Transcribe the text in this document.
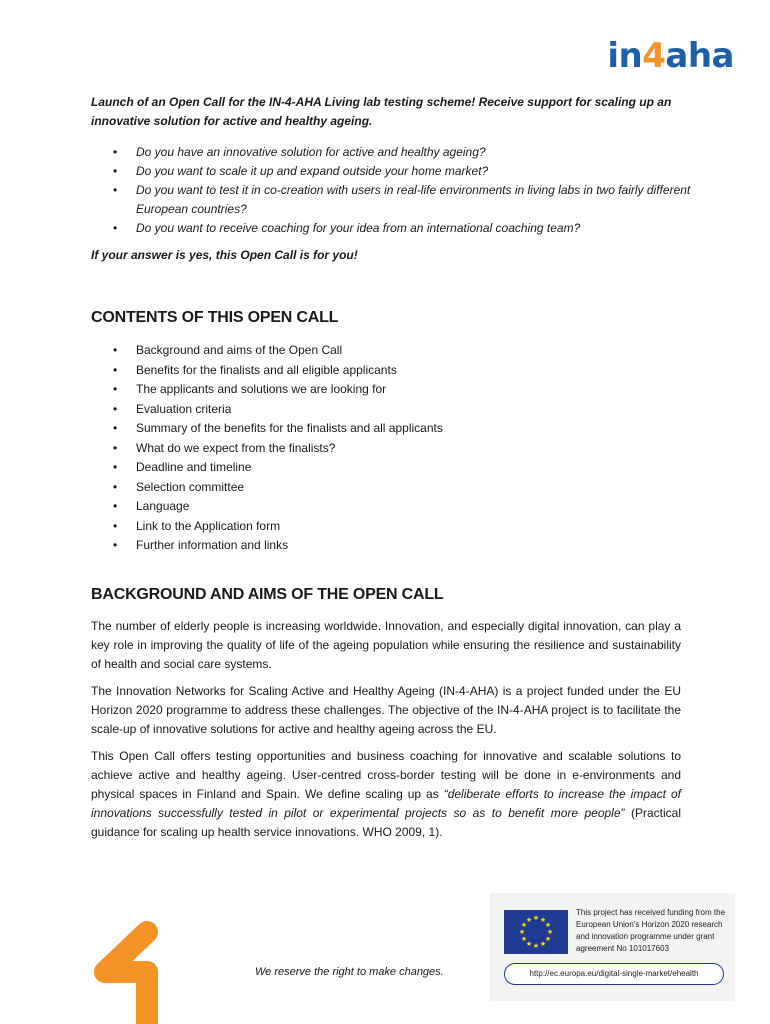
in4aha
Launch of an Open Call for the IN-4-AHA Living lab testing scheme! Receive support for scaling up an innovative solution for active and healthy ageing.
• Do you have an innovative solution for active and healthy ageing?
• Do you want to scale it up and expand outside your home market?
• Do you want to test it in co-creation with users in real-life environments in living labs in two fairly different European countries?
• Do you want to receive coaching for your idea from an international coaching team?
If your answer is yes, this Open Call is for you!
CONTENTS OF THIS OPEN CALL
• Background and aims of the Open Call
• Benefits for the finalists and all eligible applicants
• The applicants and solutions we are looking for
• Evaluation criteria
• Summary of the benefits for the finalists and all applicants
• What do we expect from the finalists?
• Deadline and timeline
• Selection committee
• Language
• Link to the Application form
• Further information and links
BACKGROUND AND AIMS OF THE OPEN CALL

The number of elderly people is increasing worldwide. Innovation, and especially digital innovation, can play a key role in improving the quality of life of the ageing population while ensuring the resilience and sustainability of health and social care systems.

The Innovation Networks for Scaling Active and Healthy Ageing (IN-4-AHA) is a project funded under the EU Horizon 2020 programme to address these challenges. The objective of the IN-4-AHA project is to facilitate the scale-up of innovative solutions for active and healthy ageing across the EU.

This Open Call offers testing opportunities and business coaching for innovative and scalable solutions to achieve active and healthy ageing. User-centred cross-border testing will be done in e-environments and physical spaces in Finland and Spain. We define scaling up as “deliberate efforts to increase the impact of innovations successfully tested in pilot or experimental projects so as to benefit more people” (Practical guidance for scaling up health service innovations. WHO 2009, 1).

We reserve the right to make changes.
★ ★
★
★
★
★
★
★
★
★
★
★
This project has received funding from the European Union's Horizon 2020 research and innovation programme under grant agreement No 101017603
http://ec.europa.eu/digital-single-market/ehealth
